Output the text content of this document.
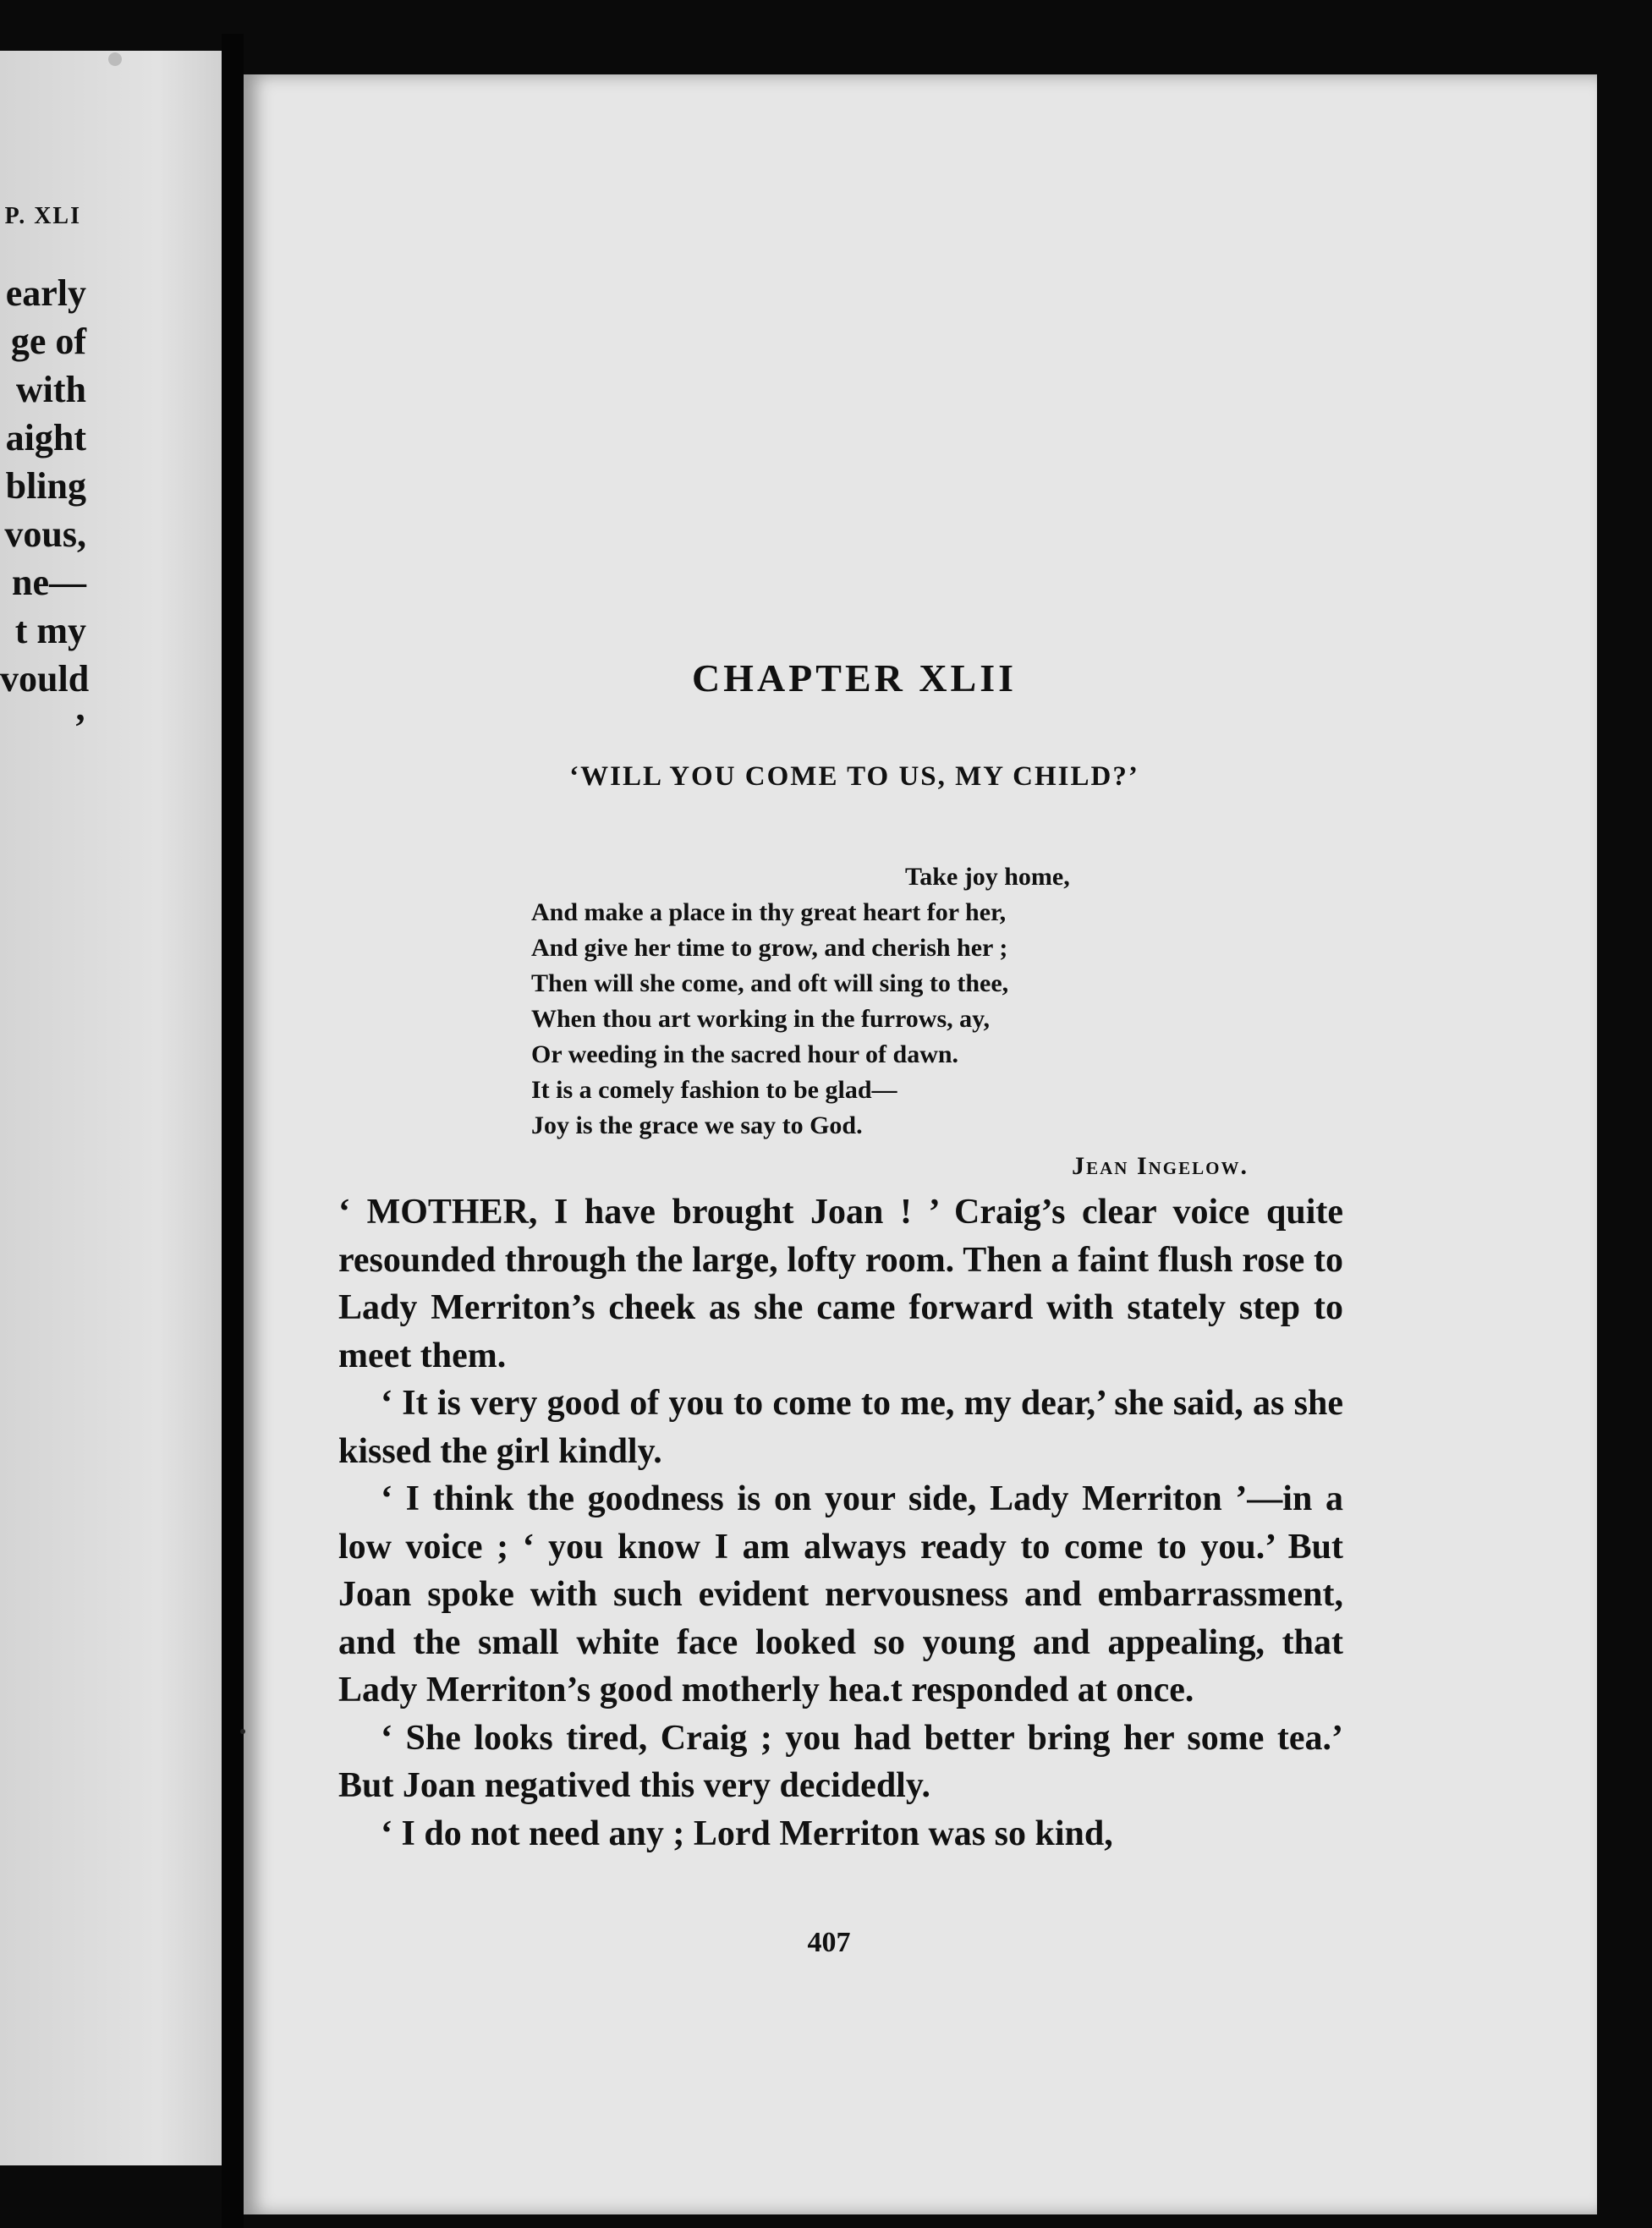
P. XLI
early
ge of
with
aight
bling
vous,
ne—
t my
vould
’
CHAPTER XLII
‘WILL YOU COME TO US, MY CHILD?’
Take joy home,
And make a place in thy great heart for her,
And give her time to grow, and cherish her ;
Then will she come, and oft will sing to thee,
When thou art working in the furrows, ay,
Or weeding in the sacred hour of dawn.
It is a comely fashion to be glad—
Joy is the grace we say to God.
Jean Ingelow.

‘ MOTHER, I have brought Joan ! ’ Craig’s clear voice quite resounded through the large, lofty room. Then a faint flush rose to Lady Merriton’s cheek as she came forward with stately step to meet them.

‘ It is very good of you to come to me, my dear,’ she said, as she kissed the girl kindly.

‘ I think the goodness is on your side, Lady Merriton ’—in a low voice ; ‘ you know I am always ready to come to you.’ But Joan spoke with such evident nervousness and embarrassment, and the small white face looked so young and appealing, that Lady Merriton’s good motherly hea.t responded at once.

‘ She looks tired, Craig ; you had better bring her some tea.’ But Joan negatived this very decidedly.

‘ I do not need any ; Lord Merriton was so kind,

407
